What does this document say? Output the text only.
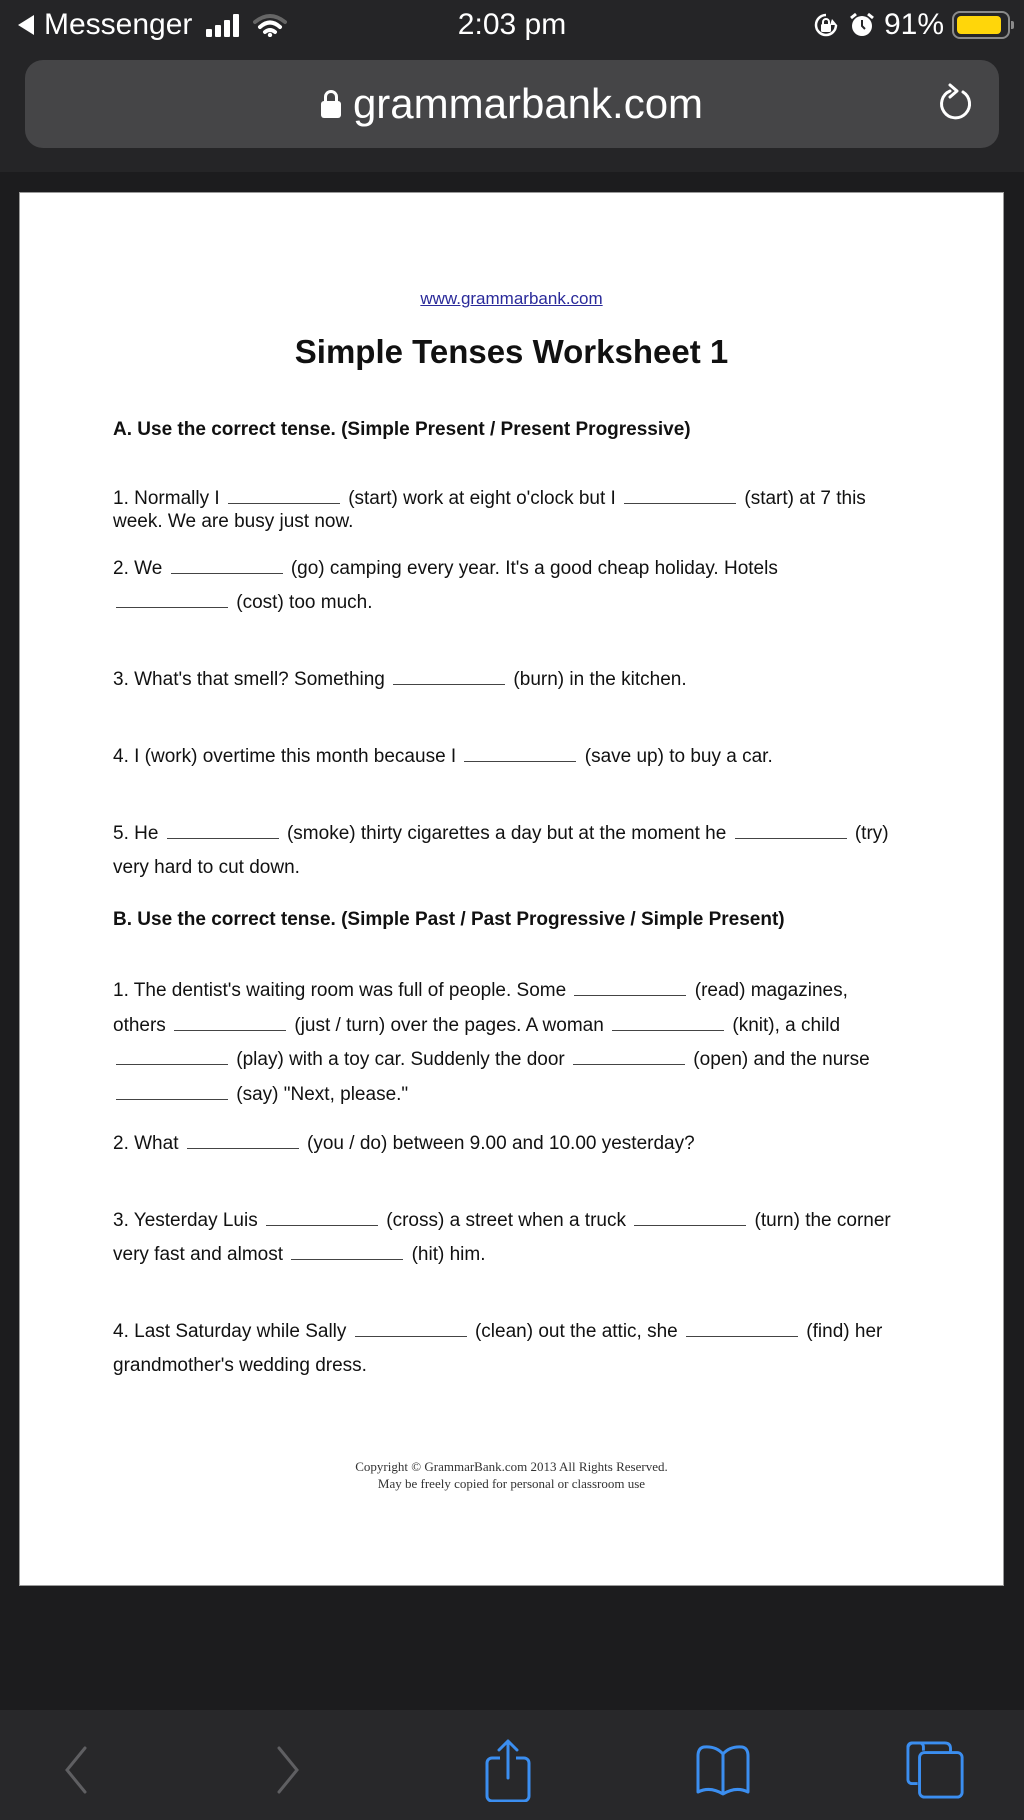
Messenger	2:03 pm	91%
grammarbank.com
www.grammarbank.com
Simple Tenses Worksheet 1
A. Use the correct tense. (Simple Present / Present Progressive)

1. Normally I	(start) work at eight o'clock but I	(start) at 7 this

week. We are busy just now.

2. We	(go) camping every year. It's a good cheap holiday. Hotels

(cost) too much.

3. What's that smell? Something	(burn) in the kitchen.

4. I (work) overtime this month because I	(save up) to buy a car.

5. He	(smoke) thirty cigarettes a day but at the moment he	(try)

very hard to cut down.

B. Use the correct tense. (Simple Past / Past Progressive / Simple Present)

1. The dentist's waiting room was full of people. Some	(read) magazines,

others	(just / turn) over the pages. A woman	(knit), a child

(play) with a toy car. Suddenly the door	(open) and the nurse

(say) "Next, please."

2. What	(you / do) between 9.00 and 10.00 yesterday?

3. Yesterday Luis	(cross) a street when a truck	(turn) the corner

very fast and almost	(hit) him.

4. Last Saturday while Sally	(clean) out the attic, she	(find) her

grandmother's wedding dress.

Copyright © GrammarBank.com 2013 All Rights Reserved.
May be freely copied for personal or classroom use
